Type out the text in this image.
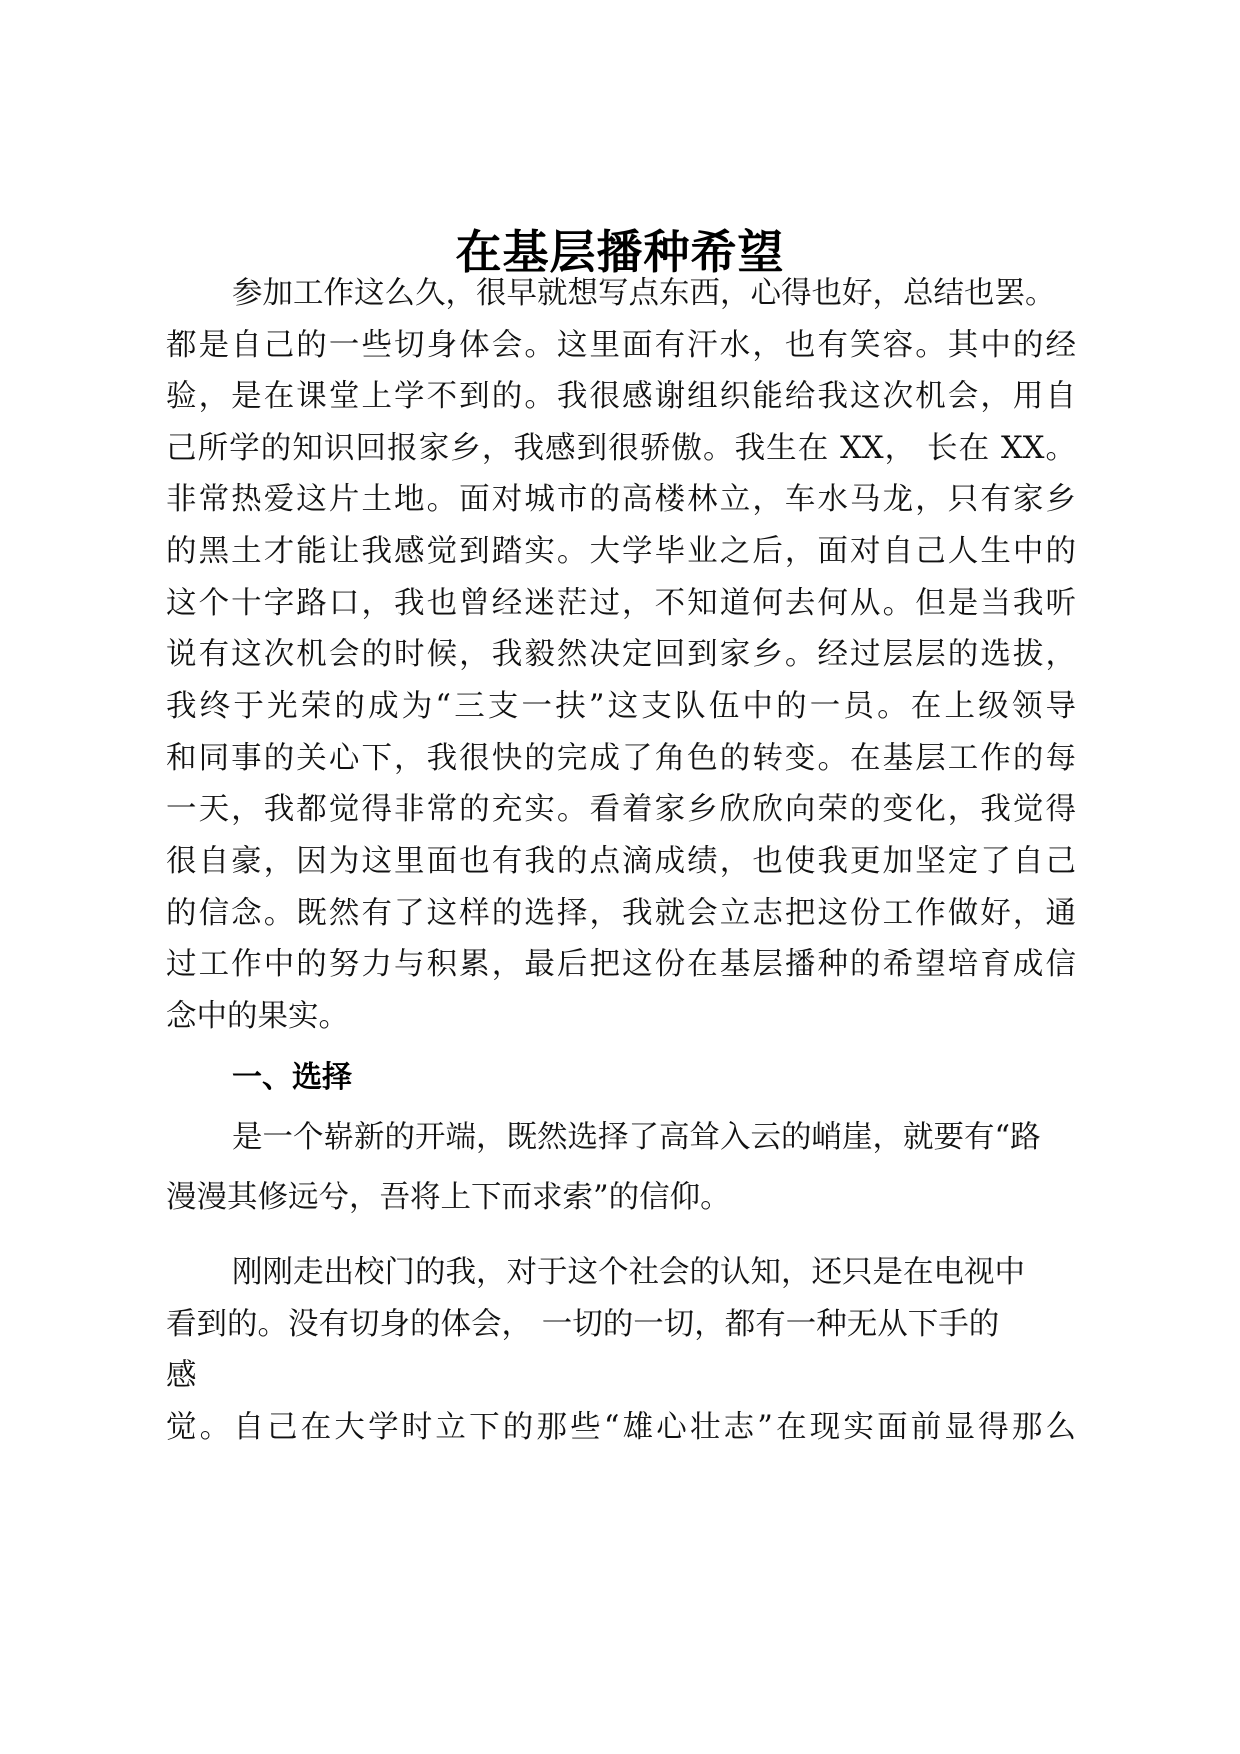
在基层播种希望

参加工作这么久，很早就想写点东西，心得也好，总结也罢。

都是自己的一些切身体会。这里面有汗水，也有笑容。其中的经

验，是在课堂上学不到的。我很感谢组织能给我这次机会，用自

己所学的知识回报家乡，我感到很骄傲。我生在 XX， 长在 XX。

非常热爱这片土地。面对城市的高楼林立，车水马龙，只有家乡

的黑土才能让我感觉到踏实。大学毕业之后，面对自己人生中的

这个十字路口，我也曾经迷茫过，不知道何去何从。但是当我听

说有这次机会的时候，我毅然决定回到家乡。经过层层的选拔，

我终于光荣的成为“三支一扶”这支队伍中的一员。在上级领导

和同事的关心下，我很快的完成了角色的转变。在基层工作的每

一天，我都觉得非常的充实。看着家乡欣欣向荣的变化，我觉得

很自豪，因为这里面也有我的点滴成绩，也使我更加坚定了自己

的信念。既然有了这样的选择，我就会立志把这份工作做好，通

过工作中的努力与积累，最后把这份在基层播种的希望培育成信

念中的果实。

一、选择

是一个崭新的开端，既然选择了高耸入云的峭崖，就要有“路

漫漫其修远兮，吾将上下而求索”的信仰。

刚刚走出校门的我，对于这个社会的认知，还只是在电视中

看到的。没有切身的体会， 一切的一切，都有一种无从下手的

感

觉。自己在大学时立下的那些“雄心壮志”在现实面前显得那么
